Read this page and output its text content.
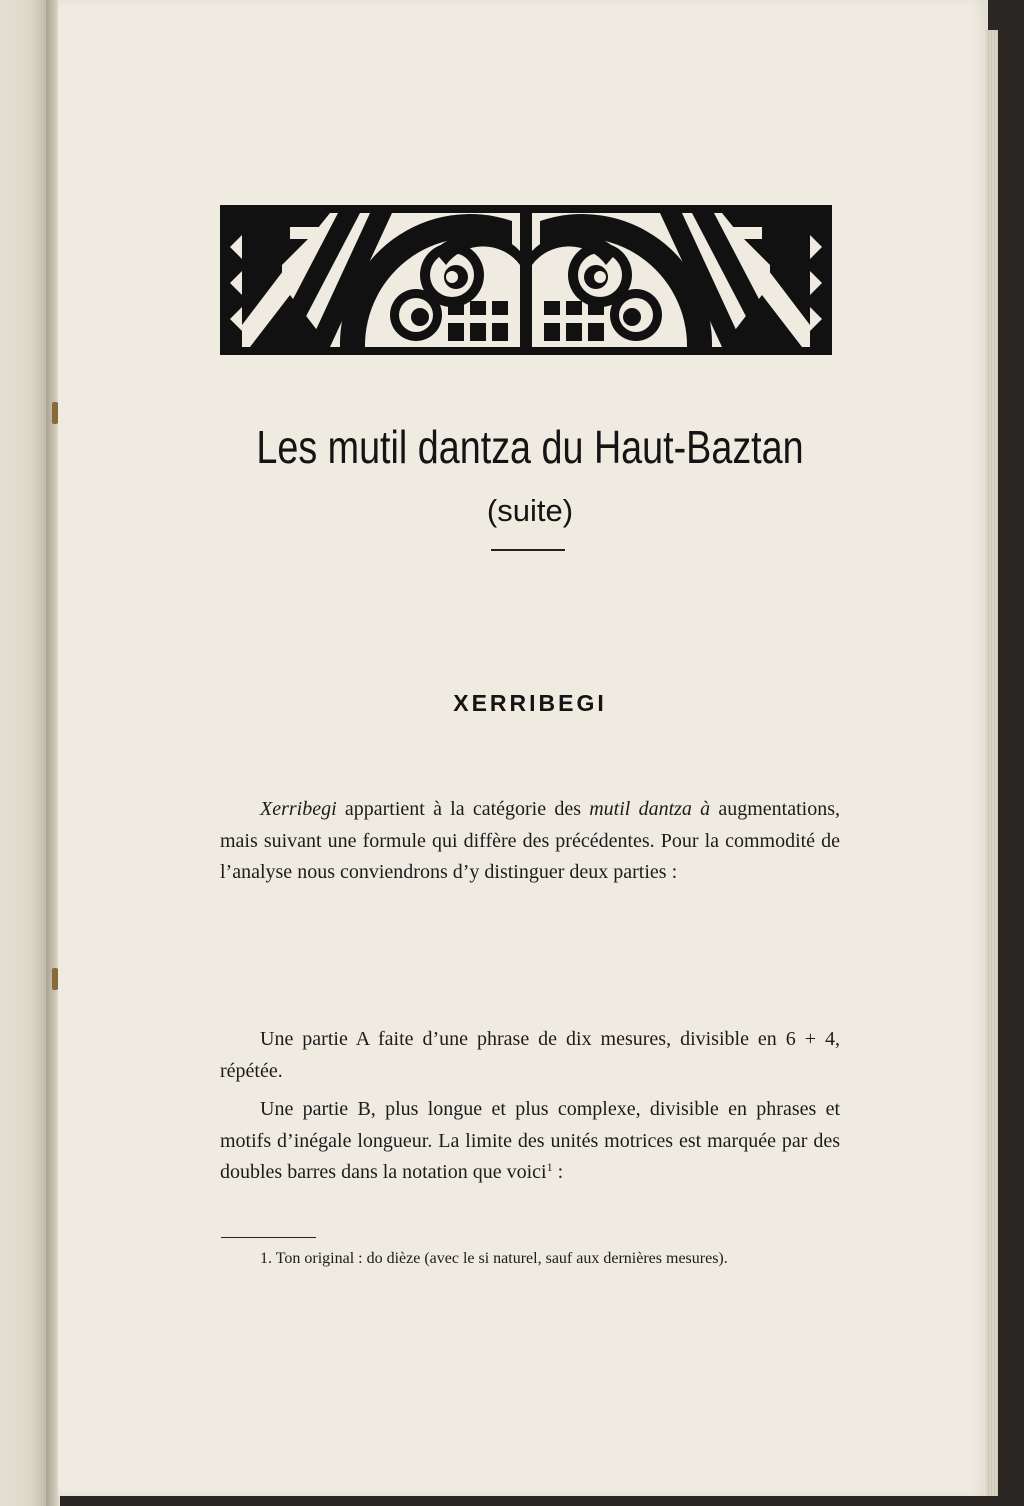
Les mutil dantza du Haut-Baztan
(suite)
XERRIBEGI

Xerribegi appartient à la catégorie des mutil dantza à augmentations, mais suivant une formule qui diffère des précédentes. Pour la commodité de l’analyse nous conviendrons d’y distinguer deux parties :

Une partie A faite d’une phrase de dix mesures, divisible en 6 + 4, répétée.

Une partie B, plus longue et plus complexe, divisible en phrases et motifs d’inégale longueur. La limite des unités motrices est marquée par des doubles barres dans la notation que voici$^1$ :

1. Ton original : do dièze (avec le si naturel, sauf aux dernières mesures).
